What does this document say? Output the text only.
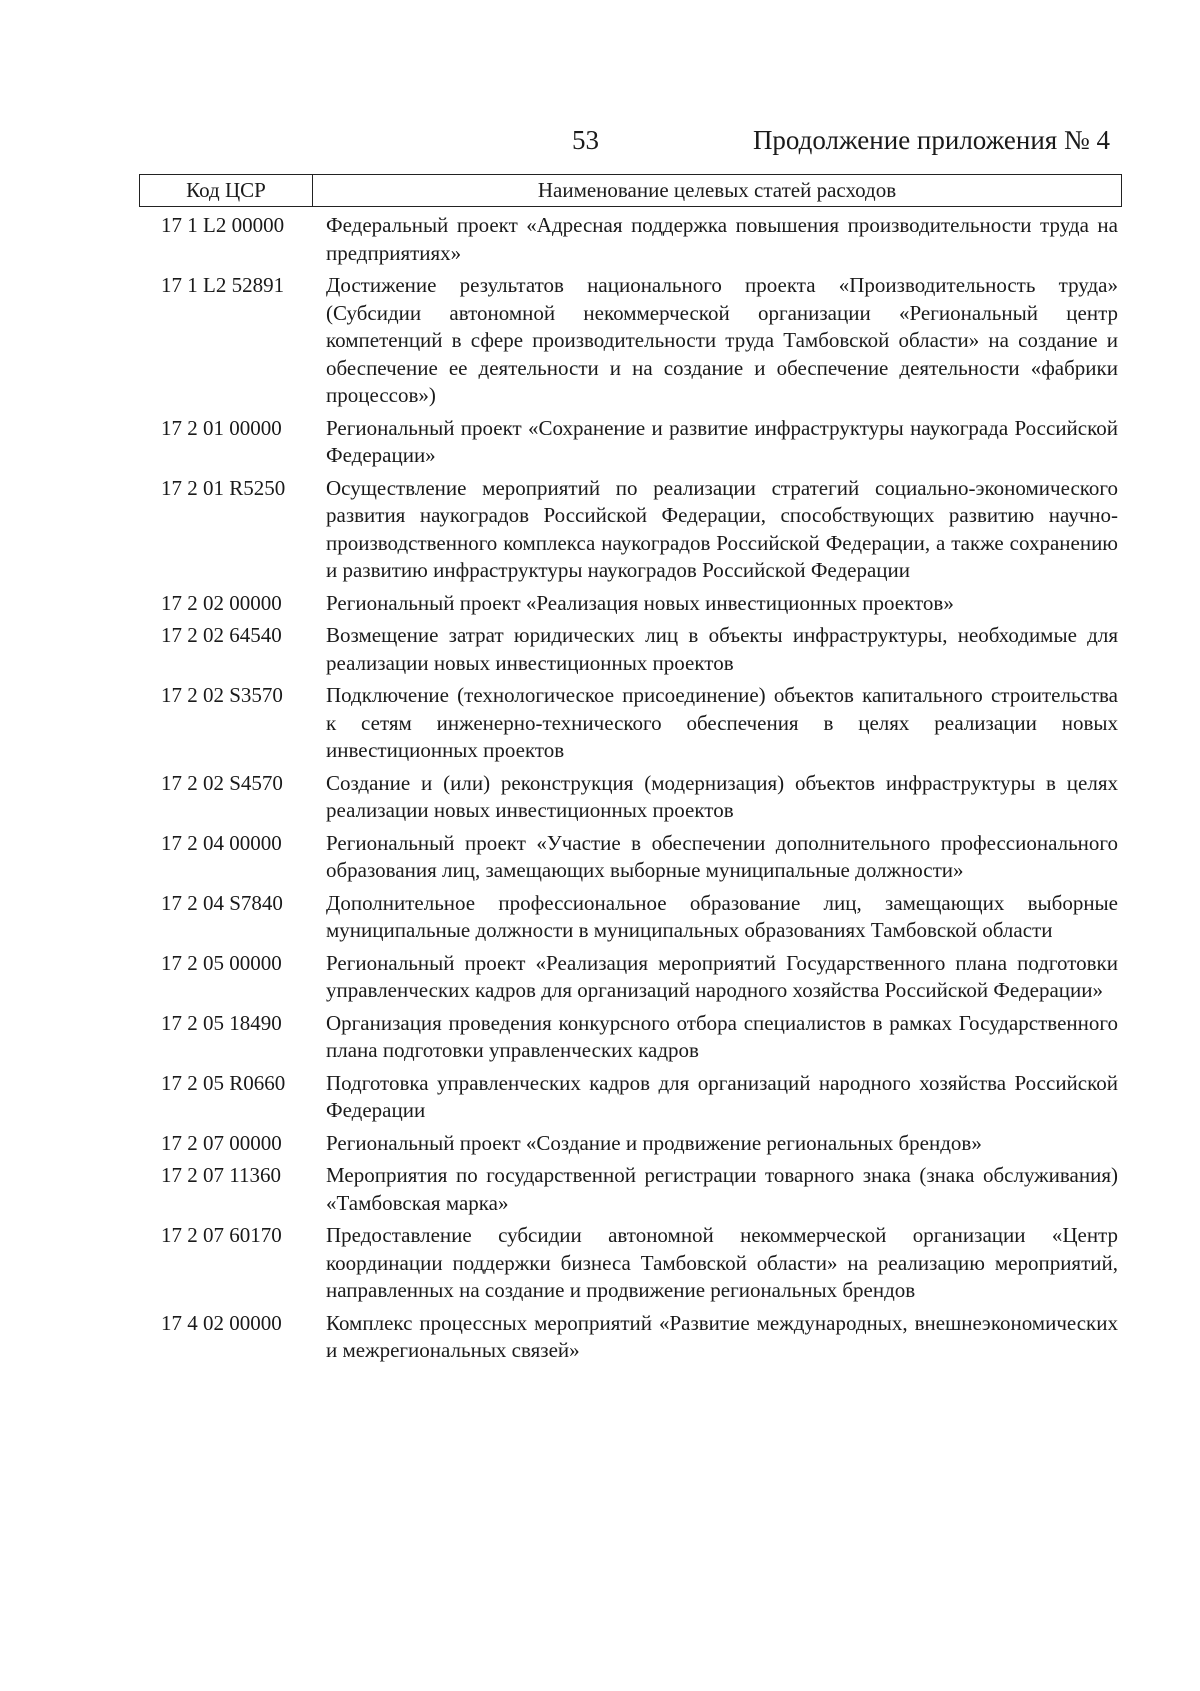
53	Продолжение приложения № 4
Код ЦСР	Наименование целевых статей расходов
17 1 L2 00000	Федеральный проект «Адресная поддержка повышения производительности труда на предприятиях»
17 1 L2 52891	Достижение результатов национального проекта «Производительность труда» (Субсидии автономной некоммерческой организации «Региональный центр компетенций в сфере производительности труда Тамбовской области» на создание и обеспечение ее деятельности и на создание и обеспечение деятельности «фабрики процессов»)
17 2 01 00000	Региональный проект «Сохранение и развитие инфраструктуры наукограда Российской Федерации»
17 2 01 R5250	Осуществление мероприятий по реализации стратегий социально-экономического развития наукоградов Российской Федерации, способствующих развитию научно-производственного комплекса наукоградов Российской Федерации, а также сохранению и развитию инфраструктуры наукоградов Российской Федерации
17 2 02 00000	Региональный проект «Реализация новых инвестиционных проектов»
17 2 02 64540	Возмещение затрат юридических лиц в объекты инфраструктуры, необходимые для реализации новых инвестиционных проектов
17 2 02 S3570	Подключение (технологическое присоединение) объектов капитального строительства к сетям инженерно-технического обеспечения в целях реализации новых инвестиционных проектов
17 2 02 S4570	Создание и (или) реконструкция (модернизация) объектов инфраструктуры в целях реализации новых инвестиционных проектов
17 2 04 00000	Региональный проект «Участие в обеспечении дополнительного профессионального образования лиц, замещающих выборные муниципальные должности»
17 2 04 S7840	Дополнительное профессиональное образование лиц, замещающих выборные муниципальные должности в муниципальных образованиях Тамбовской области
17 2 05 00000	Региональный проект «Реализация мероприятий Государственного плана подготовки управленческих кадров для организаций народного хозяйства Российской Федерации»
17 2 05 18490	Организация проведения конкурсного отбора специалистов в рамках Государственного плана подготовки управленческих кадров
17 2 05 R0660	Подготовка управленческих кадров для организаций народного хозяйства Российской Федерации
17 2 07 00000	Региональный проект «Создание и продвижение региональных брендов»
17 2 07 11360	Мероприятия по государственной регистрации товарного знака (знака обслуживания) «Тамбовская марка»
17 2 07 60170	Предоставление субсидии автономной некоммерческой организации «Центр координации поддержки бизнеса Тамбовской области» на реализацию мероприятий, направленных на создание и продвижение региональных брендов
17 4 02 00000	Комплекс процессных мероприятий «Развитие международных, внешнеэкономических и межрегиональных связей»
